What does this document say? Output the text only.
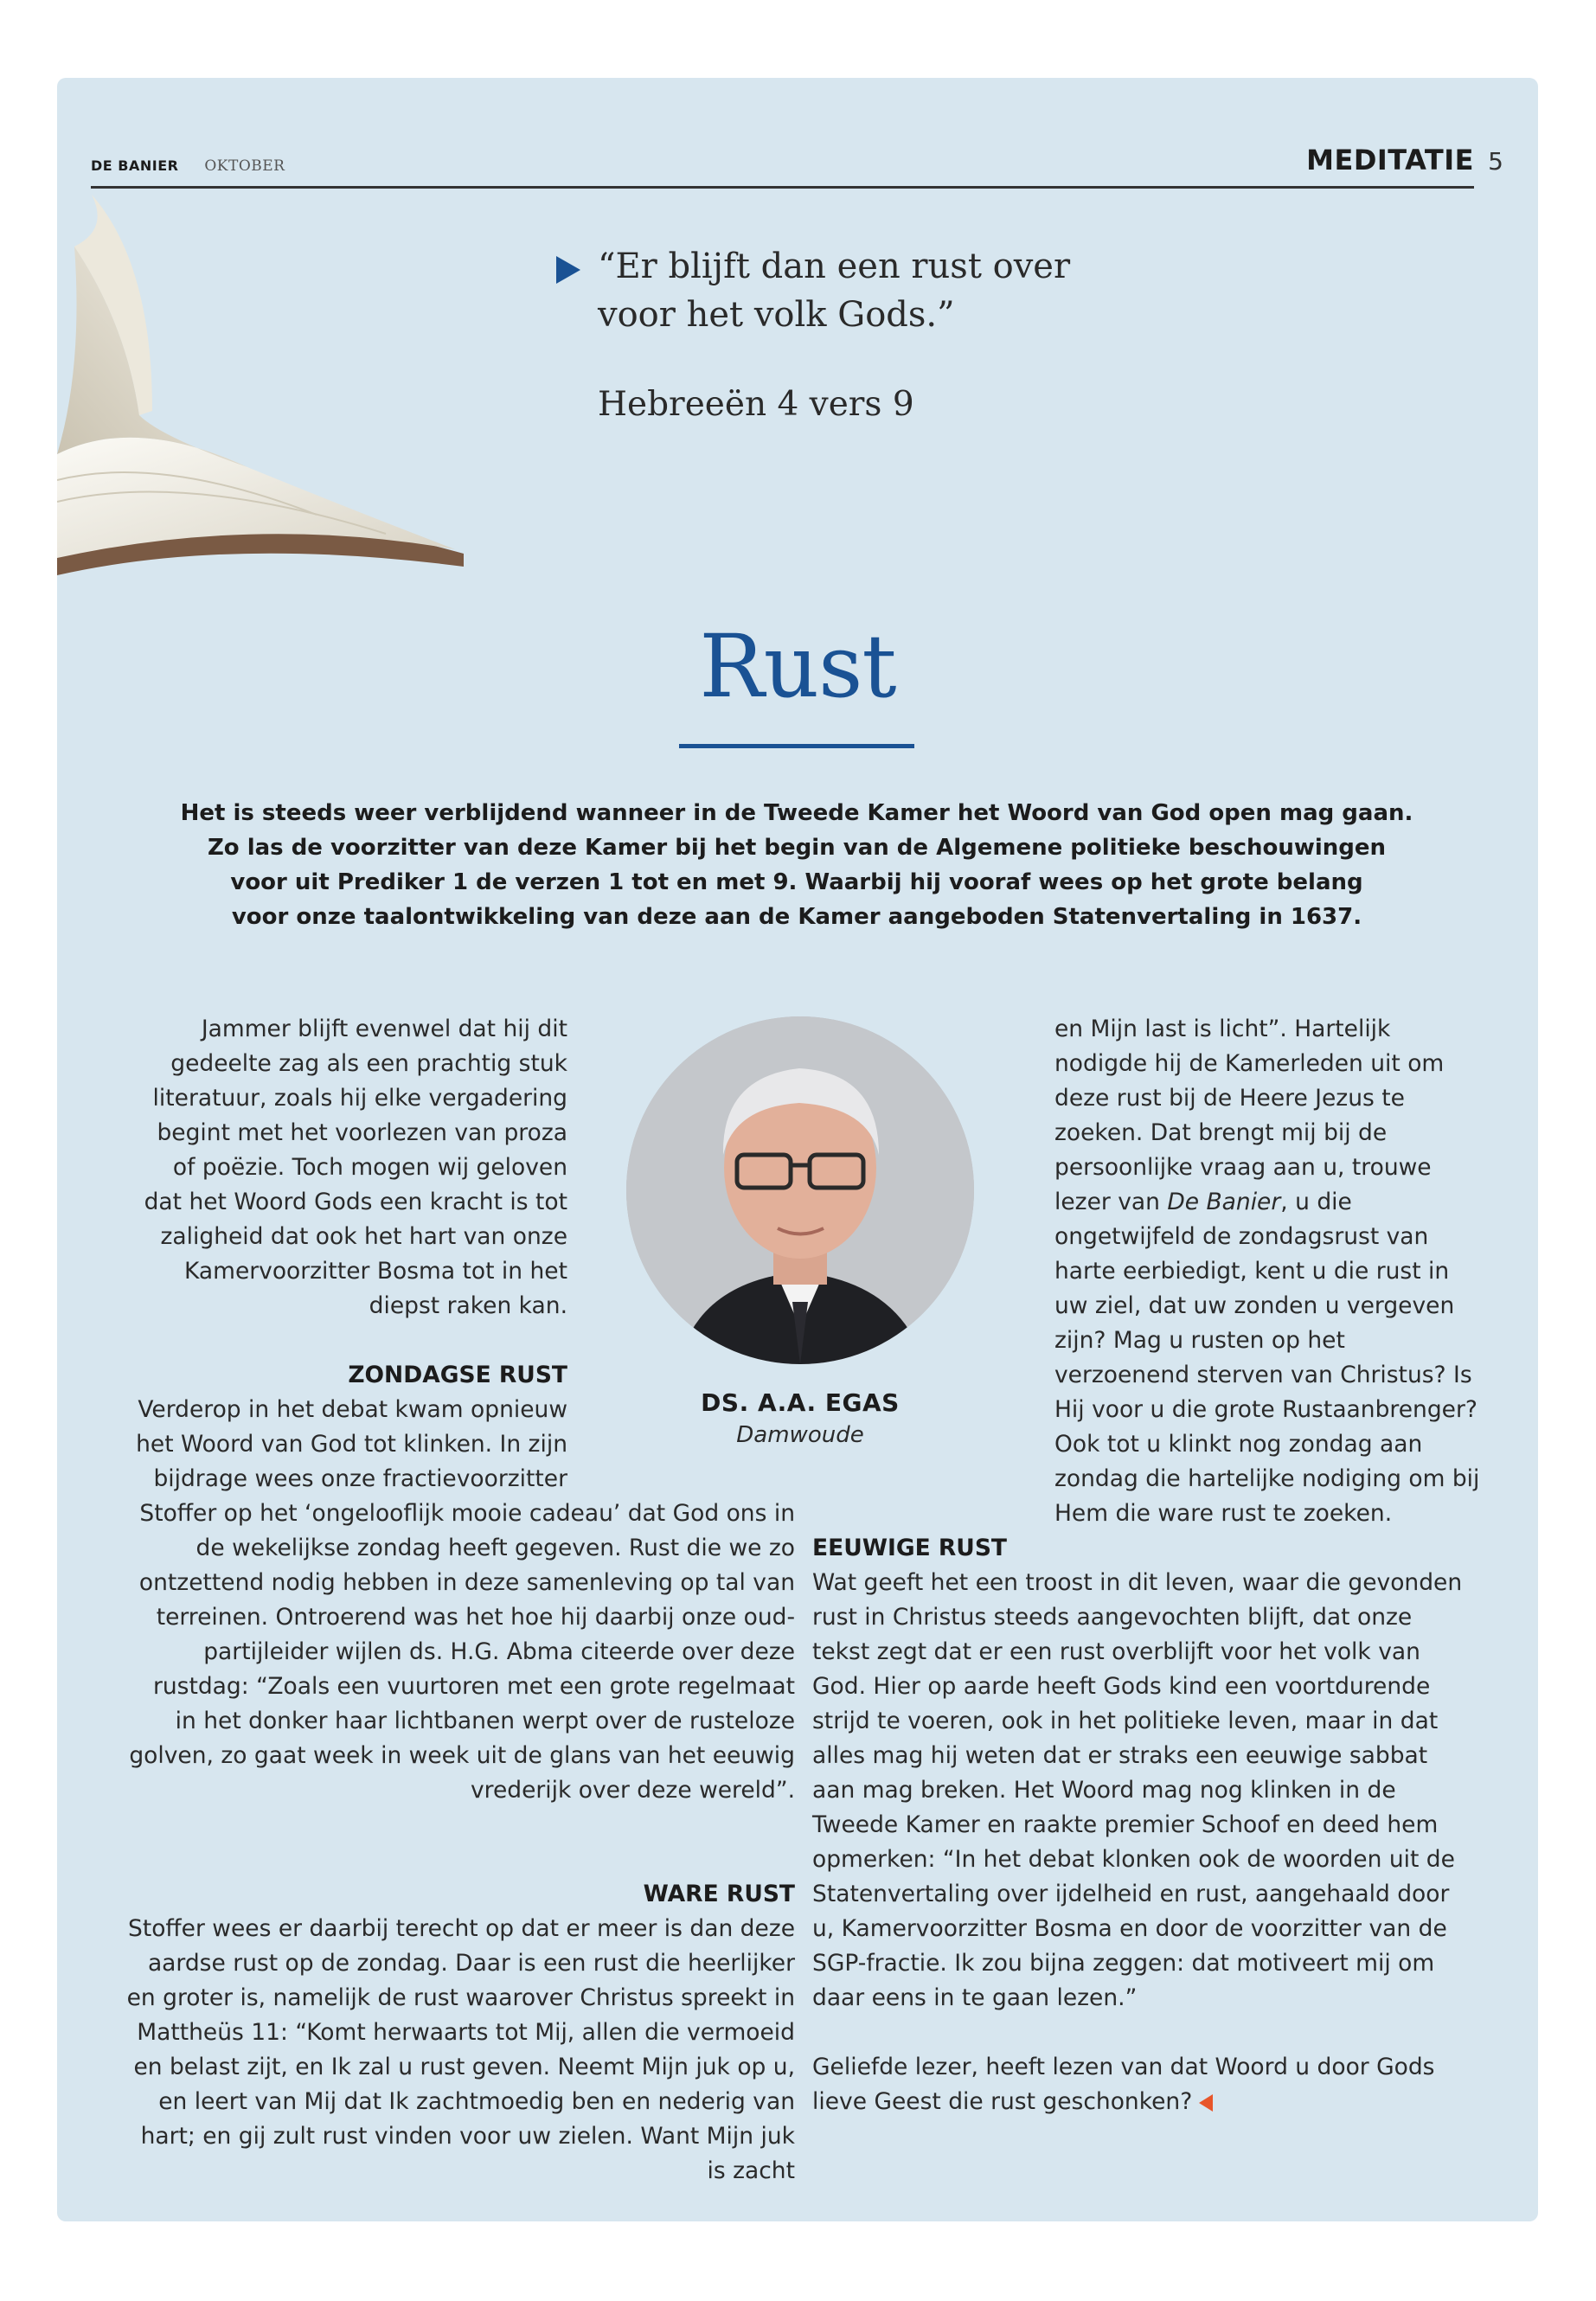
DE BANIER OKTOBER	MEDITATIE 5
“Er blijft dan een rust over
voor het volk Gods.”
Hebreeën 4 vers 9
Rust
Het is steeds weer verblijdend wanneer in de Tweede Kamer het Woord van God open mag gaan.
Zo las de voorzitter van deze Kamer bij het begin van de Algemene politieke beschouwingen
voor uit Prediker 1 de verzen 1 tot en met 9. Waarbij hij vooraf wees op het grote belang
voor onze taalontwikkeling van deze aan de Kamer aangeboden Statenvertaling in 1637.

Jammer blijft evenwel dat hij dit gedeelte zag als een prachtig stuk literatuur, zoals hij elke vergadering begint met het voorlezen van proza of poëzie. Toch mogen wij geloven dat het Woord Gods een kracht is tot zaligheid dat ook het hart van onze Kamervoorzitter Bosma tot in het diepst raken kan.

ZONDAGSE RUST

Verderop in het debat kwam opnieuw het Woord van God tot klinken. In zijn bijdrage wees onze fractievoorzitter

DS. A.A. EGAS
Damwoude

Stoffer op het ‘ongelooflijk mooie cadeau’ dat God ons in de wekelijkse zondag heeft gegeven. Rust die we zo ontzettend nodig hebben in deze samenleving op tal van terreinen. Ontroerend was het hoe hij daarbij onze oud-partijleider wijlen ds. H.G. Abma citeerde over deze rustdag: “Zoals een vuurtoren met een grote regelmaat in het donker haar lichtbanen werpt over de rusteloze golven, zo gaat week in week uit de glans van het eeuwig vrederijk over deze wereld”.

WARE RUST

Stoffer wees er daarbij terecht op dat er meer is dan deze aardse rust op de zondag. Daar is een rust die heerlijker en groter is, namelijk de rust waarover Christus spreekt in Mattheüs 11: “Komt herwaarts tot Mij, allen die vermoeid en belast zijt, en Ik zal u rust geven. Neemt Mijn juk op u, en leert van Mij dat Ik zachtmoedig ben en nederig van hart; en gij zult rust vinden voor uw zielen. Want Mijn juk is zacht

en Mijn last is licht”. Hartelijk nodigde hij de Kamerleden uit om deze rust bij de Heere Jezus te zoeken. Dat brengt mij bij de persoonlijke vraag aan u, trouwe lezer van De Banier, u die ongetwijfeld de zondagsrust van harte eerbiedigt, kent u die rust in uw ziel, dat uw zonden u vergeven zijn? Mag u rusten op het verzoenend sterven van Christus? Is Hij voor u die grote Rustaanbrenger? Ook tot u klinkt nog zondag aan zondag die hartelijke nodiging om bij Hem die ware rust te zoeken.

EEUWIGE RUST

Wat geeft het een troost in dit leven, waar die gevonden rust in Christus steeds aangevochten blijft, dat onze tekst zegt dat er een rust overblijft voor het volk van God. Hier op aarde heeft Gods kind een voortdurende strijd te voeren, ook in het politieke leven, maar in dat alles mag hij weten dat er straks een eeuwige sabbat aan mag breken. Het Woord mag nog klinken in de Tweede Kamer en raakte premier Schoof en deed hem opmerken: “In het debat klonken ook de woorden uit de Statenvertaling over ijdelheid en rust, aangehaald door u, Kamervoorzitter Bosma en door de voorzitter van de SGP-fractie. Ik zou bijna zeggen: dat motiveert mij om daar eens in te gaan lezen.”

Geliefde lezer, heeft lezen van dat Woord u door Gods lieve Geest die rust geschonken?
